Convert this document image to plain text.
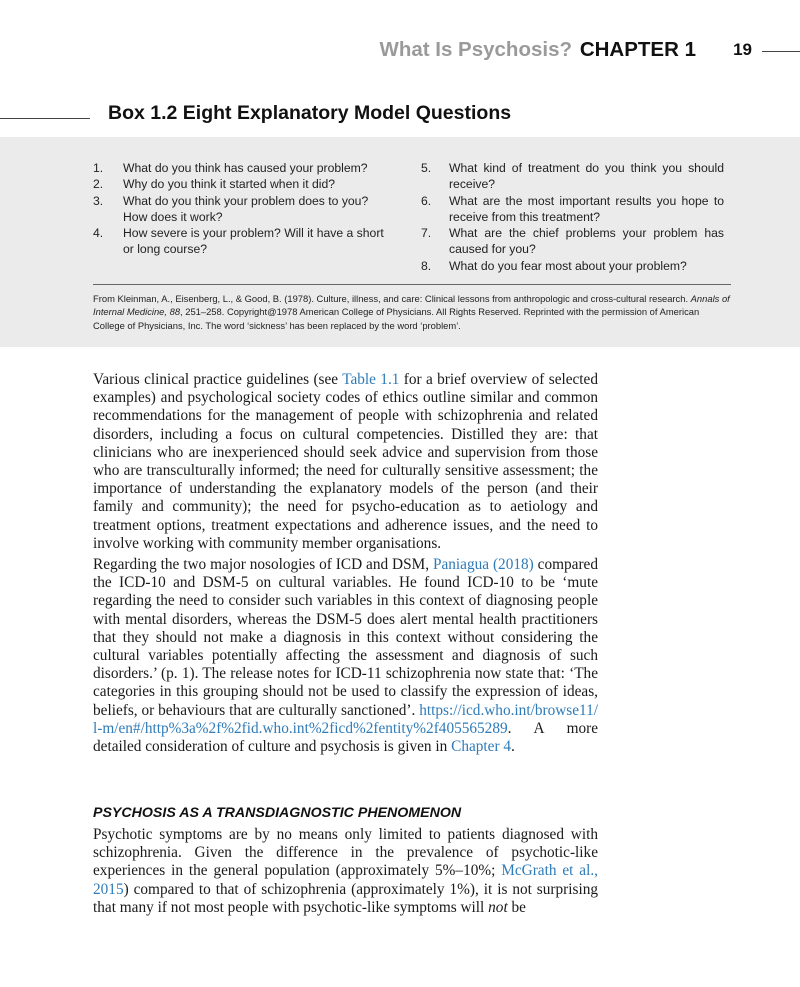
What Is Psychosis? CHAPTER 1 19
Box 1.2 Eight Explanatory Model Questions
1. What do you think has caused your problem?
2. Why do you think it started when it did?
3. What do you think your problem does to you? How does it work?
4. How severe is your problem? Will it have a short or long course?
5. What kind of treatment do you think you should receive?
6. What are the most important results you hope to receive from this treatment?
7. What are the chief problems your problem has caused for you?
8. What do you fear most about your problem?
From Kleinman, A., Eisenberg, L., & Good, B. (1978). Culture, illness, and care: Clinical lessons from anthropologic and cross-cultural research. Annals of Internal Medicine, 88, 251–258. Copyright@1978 American College of Physicians. All Rights Reserved. Reprinted with the permission of American College of Physicians, Inc. The word ‘sickness’ has been replaced by the word ‘problem’.
Various clinical practice guidelines (see Table 1.1 for a brief overview of selected examples) and psychological society codes of ethics outline similar and common recommendations for the management of people with schizophrenia and related disorders, including a focus on cultural competencies. Distilled they are: that clinicians who are inexperienced should seek advice and supervision from those who are transculturally informed; the need for culturally sensitive assessment; the importance of understanding the explanatory models of the person (and their family and community); the need for psycho-education as to aetiology and treatment options, treatment expectations and adherence issues, and the need to involve working with community member organisations.
Regarding the two major nosologies of ICD and DSM, Paniagua (2018) compared the ICD-10 and DSM-5 on cultural variables. He found ICD-10 to be ‘mute regarding the need to consider such variables in this context of diagnosing people with mental disorders, whereas the DSM-5 does alert mental health practitioners that they should not make a diagnosis in this context without considering the cultural variables potentially affecting the assessment and diagnosis of such disorders.’ (p. 1). The release notes for ICD-11 schizophrenia now state that: ‘The categories in this grouping should not be used to classify the expression of ideas, beliefs, or behaviours that are culturally sanctioned’. https://icd.who.int/browse11/l-m/en#/http%3a%2f%2fid.who.int%2ficd%2fentity%2f405565289. A more detailed consideration of culture and psychosis is given in Chapter 4.
PSYCHOSIS AS A TRANSDIAGNOSTIC PHENOMENON
Psychotic symptoms are by no means only limited to patients diagnosed with schizophrenia. Given the difference in the prevalence of psychotic-like experiences in the general population (approximately 5%–10%; McGrath et al., 2015) compared to that of schizophrenia (approximately 1%), it is not surprising that many if not most people with psychotic-like symptoms will not be
